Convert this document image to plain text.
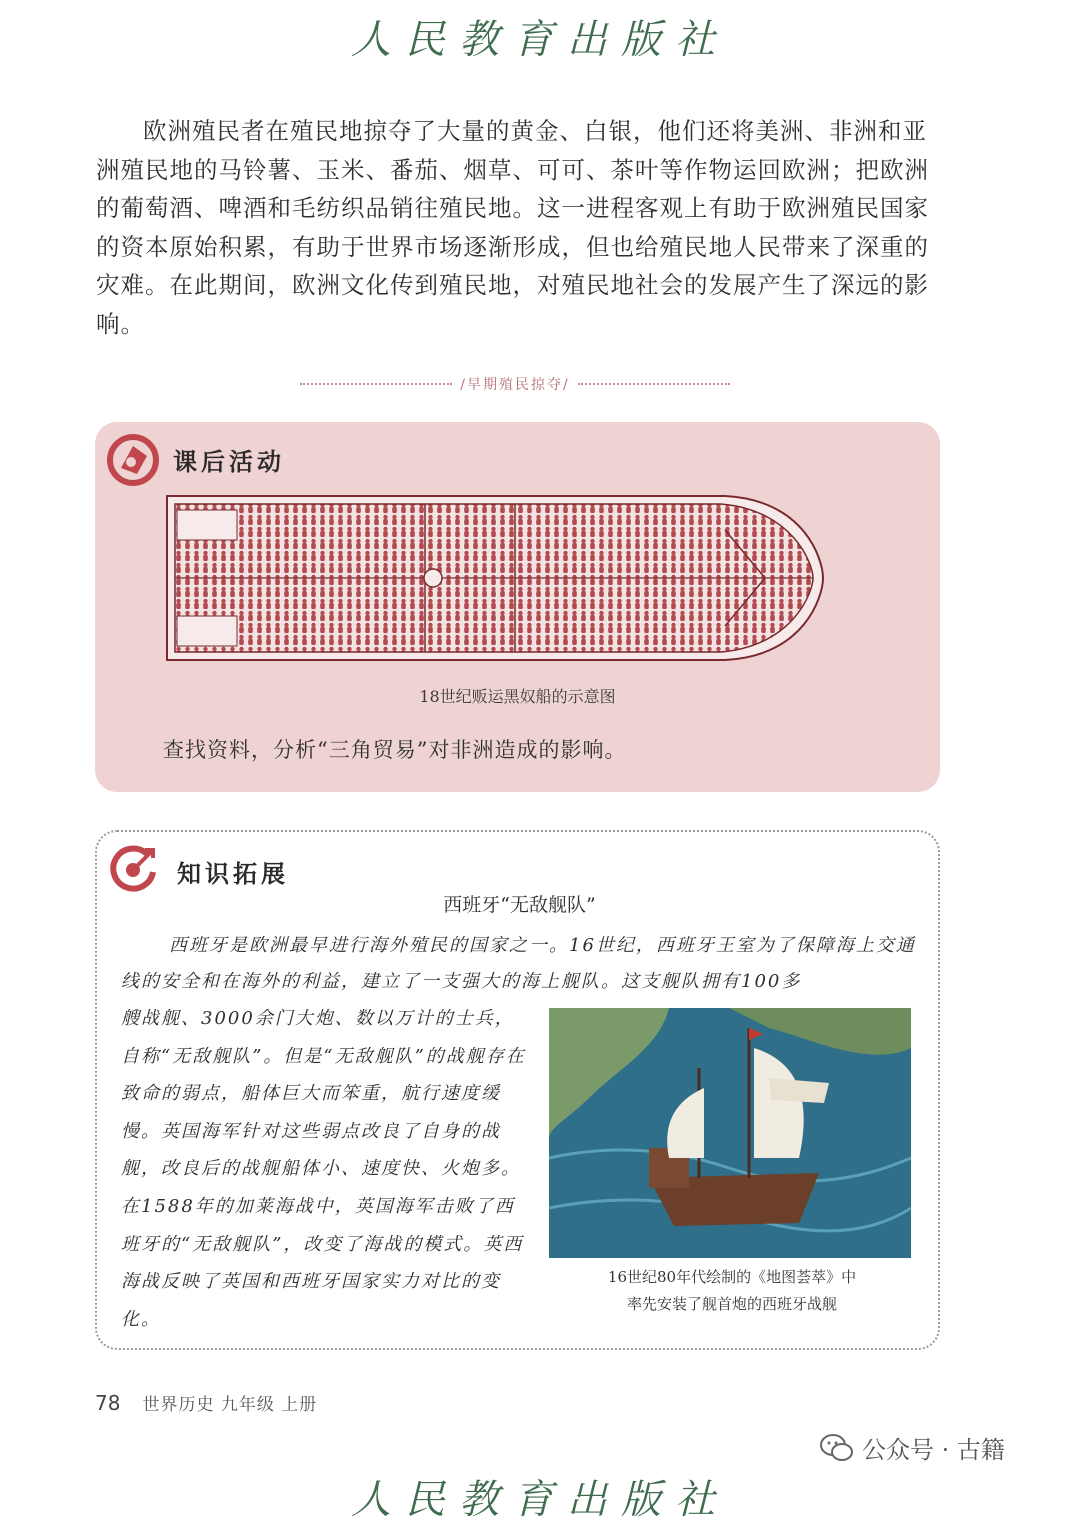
人民教育出版社

欧洲殖民者在殖民地掠夺了大量的黄金、白银，他们还将美洲、非洲和亚洲殖民地的马铃薯、玉米、番茄、烟草、可可、茶叶等作物运回欧洲；把欧洲的葡萄酒、啤酒和毛纺织品销往殖民地。这一进程客观上有助于欧洲殖民国家的资本原始积累，有助于世界市场逐渐形成，但也给殖民地人民带来了深重的灾难。在此期间，欧洲文化传到殖民地，对殖民地社会的发展产生了深远的影响。

/早期殖民掠夺/
课后活动
18世纪贩运黑奴船的示意图
查找资料，分析“三角贸易”对非洲造成的影响。
知识拓展
西班牙“无敌舰队”

西班牙是欧洲最早进行海外殖民的国家之一。16世纪，西班牙王室为了保障海上交通线的安全和在海外的利益，建立了一支强大的海上舰队。这支舰队拥有100多

艘战舰、3000余门大炮、数以万计的士兵，自称“无敌舰队”。但是“无敌舰队”的战舰存在致命的弱点，船体巨大而笨重，航行速度缓慢。英国海军针对这些弱点改良了自身的战舰，改良后的战舰船体小、速度快、火炮多。在1588年的加莱海战中，英国海军击败了西班牙的“无敌舰队”，改变了海战的模式。英西海战反映了英国和西班牙国家实力对比的变化。

16世纪80年代绘制的《地图荟萃》中
率先安装了舰首炮的西班牙战舰
78 世界历史 九年级 上册
人民教育出版社
公众号 · 古籍
